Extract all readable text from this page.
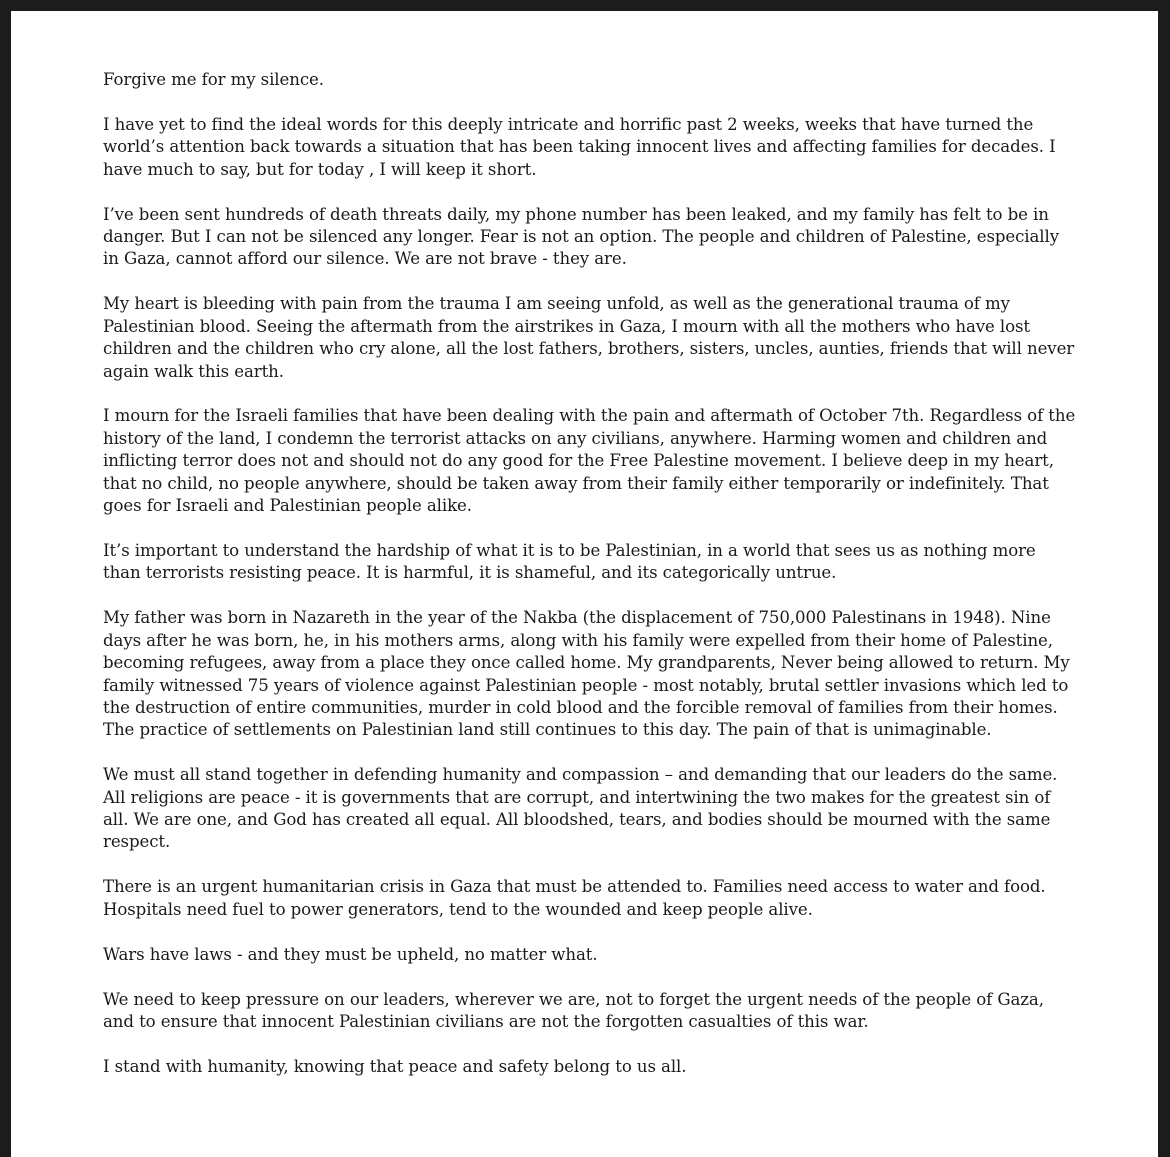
Forgive me for my silence.

I have yet to find the ideal words for this deeply intricate and horrific past 2 weeks, weeks that have turned the world’s attention back towards a situation that has been taking innocent lives and affecting families for decades. I have much to say, but for today , I will keep it short.

I’ve been sent hundreds of death threats daily, my phone number has been leaked, and my family has felt to be in danger. But I can not be silenced any longer. Fear is not an option. The people and children of Palestine, especially in Gaza, cannot afford our silence. We are not brave - they are.

My heart is bleeding with pain from the trauma I am seeing unfold, as well as the generational trauma of my Palestinian blood. Seeing the aftermath from the airstrikes in Gaza, I mourn with all the mothers who have lost children and the children who cry alone, all the lost fathers, brothers, sisters, uncles, aunties, friends that will never again walk this earth.

I mourn for the Israeli families that have been dealing with the pain and aftermath of October 7th. Regardless of the history of the land, I condemn the terrorist attacks on any civilians, anywhere. Harming women and children and inflicting terror does not and should not do any good for the Free Palestine movement. I believe deep in my heart, that no child, no people anywhere, should be taken away from their family either temporarily or indefinitely. That goes for Israeli and Palestinian people alike.

It’s important to understand the hardship of what it is to be Palestinian, in a world that sees us as nothing more than terrorists resisting peace. It is harmful, it is shameful, and its categorically untrue.

My father was born in Nazareth in the year of the Nakba (the displacement of 750,000 Palestinans in 1948). Nine days after he was born, he, in his mothers arms, along with his family were expelled from their home of Palestine, becoming refugees, away from a place they once called home. My grandparents, Never being allowed to return. My family witnessed 75 years of violence against Palestinian people - most notably, brutal settler invasions which led to the destruction of entire communities, murder in cold blood and the forcible removal of families from their homes. The practice of settlements on Palestinian land still continues to this day. The pain of that is unimaginable.

We must all stand together in defending humanity and compassion – and demanding that our leaders do the same. All religions are peace - it is governments that are corrupt, and intertwining the two makes for the greatest sin of all. We are one, and God has created all equal. All bloodshed, tears, and bodies should be mourned with the same respect.

There is an urgent humanitarian crisis in Gaza that must be attended to. Families need access to water and food. Hospitals need fuel to power generators, tend to the wounded and keep people alive.

Wars have laws - and they must be upheld, no matter what.

We need to keep pressure on our leaders, wherever we are, not to forget the urgent needs of the people of Gaza, and to ensure that innocent Palestinian civilians are not the forgotten casualties of this war.

I stand with humanity, knowing that peace and safety belong to us all.
